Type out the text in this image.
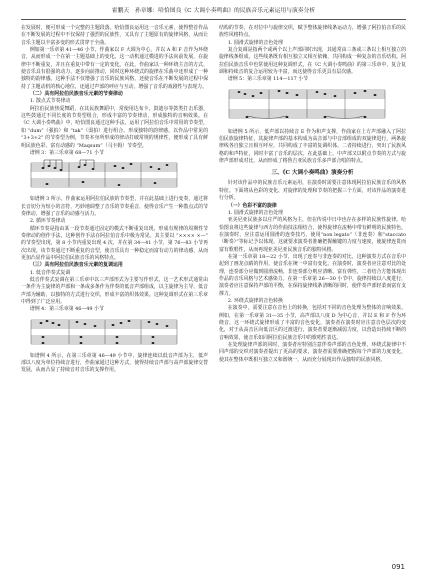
霍鹏天　孙章娜：哈恰图良《C 大调小奏鸣曲》的民族音乐元素运用与演奏分析

在发展时，便可形成一个完整的主题段落。哈恰图良运用这一音乐元素，使得整首作品在不断发展的过程中不仅保持了强烈的民族性，又具有了主题原有的旋律风格，从而让音乐主题以丰富多变的形式贯穿于全曲。

例如第一乐章第 41—46 小节，作曲家以 F 大调为中心，并以 A 和 F 音作为环绕音，从而形成一个在第一主题基础上的变化。这一动机通过模进的手法向前发展，在旋律中不断重复，并且在重复中带有一定的变化。在此，作曲家以一种环绕主音的方式，使音乐具有很强的动力，逐步向前推动，同时这种环绕式的旋律在乐曲中还形成了一种独特的韵律感。这种手法不仅增强了音乐的民族风格，还使音乐在不断发展的过程中保持了主题动机的核心地位，还通过声部的呼应与互动，增强了音乐的戏剧性与表现力。

（二）具有阿拉伯民族音乐元素的节奏律动

1. 散点式节奏律动

阿拉伯民族热爱舞蹈，在其民族舞蹈中，常使用达布卡、鼓迪尔等鼓类打击乐器，这些鼓通过不同长度的节奏型组合，形成丰富的节奏律动，形成独特的音响效果。在《C 大调小奏鸣曲》中，哈恰图良通过这种手法，运用了阿拉伯音乐中常用的节奏型，如 “dum”（强拍）和 “tak”（弱拍）进行组合，形成独特的韵律感。以作品中常见的 “3+3+2” 的节奏型为例，节奏本身所形成的律动打破常规的规律性，便形成了具有鲜明民族色彩、富有动感的 “Maqsum”（马卡姆）节奏型。

谱例 3：第三乐章第 68—71 小节

如谱例 3 所示，作曲家运用阿拉伯民族的节奏型，并在此基础上进行变奏，通过将长音切分为短小的音符，巧妙地调整了音乐的节奏重音，使得音乐产生一种散点式的节奏律动，增强了音乐的动感与活力。

2. 循环节奏律动

循环节奏是指由某一段节奏通过固定的模式不断重复出现，形成有规律的周期性节奏律动的创作手法，这种创作手法在阿拉伯音乐中极为常见。其主要以 “×××× ×—” 的节奏型出现，第 8 小节内重复出现 4 次，并在第 34—41 小节，第 76—83 小节再次出现。该节奏通过不断重复的音型，使音乐具有一种稳定而富有动力的律动感，从而更加凸显作品中阿拉伯民族音乐的风格特点。

（三）具有阿拉伯民族音乐元素的复调运用

1. 低音伴奏式复调

低音伴奏式复调在第三乐章中以三声部形式为主要写作形式，这一艺术形式通常由一条作为主旋律的声部和一条或多条作为伴奏的低音声部组成，以主旋律为主导，低音声部为辅助，以独特的方式进行交织，形成丰富的织体效果。这种复调形式在第三乐章中得到了广泛应用。

谱例 4：第三乐章第 46—49 小节

如谱例 4 所示，在第三乐章第 46—49 小节中，旋律连续以低音声部为主，低声部以八度为单位持续音进行，作曲家通过这种方式，使得持续音声部与高声部旋律交替发展，从而凸显了持续音对音乐的支撑作用。

结构的节奏，在对位中与旋律交织，赋予整体旋律线条运动力，增强了阿拉伯音乐的民族性风格特点。

1. 圆滑式旋律的音色处理

复合复调是指两个或两个以上声部同时出现，其通常由三条或三条以上相互独立的旋律线条组成，这些线条既有相互独立又相互依赖，共同构成一种复杂的音乐结构。阿拉伯民族音乐中也常使用这种复调形式，在《C 大调小奏鸣曲》的第三乐章中，复合复调和持续音的复合运用较为丰富，而这使得音乐更具有层次感。

谱例 5：第三乐章第 114—117 小节

如谱例 5 所示，低声部以持续音 E 作为和声支撑，作曲家在上方声部融入了阿拉伯民族旋律特征，其旋律声部的基本构成为高音部与中音部组成的双旋律进行，两条旋律线各自独立且相互呼应，共同构成了丰富的复调织体。二者持续进行，突出了民族风格的和声特征，同时丰富了音乐的层次。在此基础上，中声部又以附点节奏的方式与旋律声部形成对比，从而形成了格鲁吉亚民族音乐多声部合唱的特点。

三、《C 大调小奏鸣曲》演奏分析

针对该作品中的民族音乐元素运用，在演奏时需要注意体现阿拉伯民族音乐的风格特征。下面将从色彩的变化、对旋律的处理和节奏的把握三个方面，对该作品的演奏进行分析。

（一）色彩不富的旋律

1. 圆滑式旋律的音色处理

亚美尼亚民族多以庄严的风格为主，但在传说中日中也存在多样的民族性旋律。哈恰图良将这些旋律与西方的作曲技法相结合，使得旋律在流畅中带有鲜明的民族特色。在演奏时，应注意运用圆滑的连奏技巧，使用“non legato”（非连奏）和“staccato（断奏）”等标记予以体现，这就要求演奏者准确把握触键的力度与速度，使旋律连贯而富有歌唱性，从而再现亚美尼亚民族音乐的独特风格。

在第一乐章第 18—22 小节，出现了连奏与非连奏的对比，这种演奏方式在音乐中起到了画龙点睛的作用，使音乐在统一中富有变化。在演奏时，演奏者应注意对比的处理，连奏部分应做到圆滑流畅，非连奏部分则应清晰、富有弹性，二者结合方能体现出作品的音乐风格与艺术感染力。在第一乐章第 26—30 小节中，旋律持续以八度进行，演奏者应注意保持声部的平衡，在保持旋律线条清晰的同时，使伴奏声部轻柔而富有支撑力。

2. 环绕式旋律的音色转换

在演奏中，需要注意在音色上的转换，包括对不同的音色处理为整体的音响效果。例如，在第一乐章第 31—35 小节，高声部以八度 D 为中心音，并以 E 和 F 作为环绕音，这一环绕式旋律形成了丰富的音色变化，演奏者在演奏时应注意音色层次的变化，对于从高音区向低音区的过渡进行，演奏者要逐渐减弱力度，以营造出持续不断的音响效果，使音乐如同阿拉伯民族音乐中的歌唱性表达。

在处理旋律声部的同时，演奏者应特别注意伴奏声部的音色处理，环绕式旋律中不同声部的交织对演奏者提出了更高的要求，演奏者需要准确把握每个声部的力度变化，使其在整体中既相互独立又和谐统一，从而充分展现出作品独特的民族风格。

091
